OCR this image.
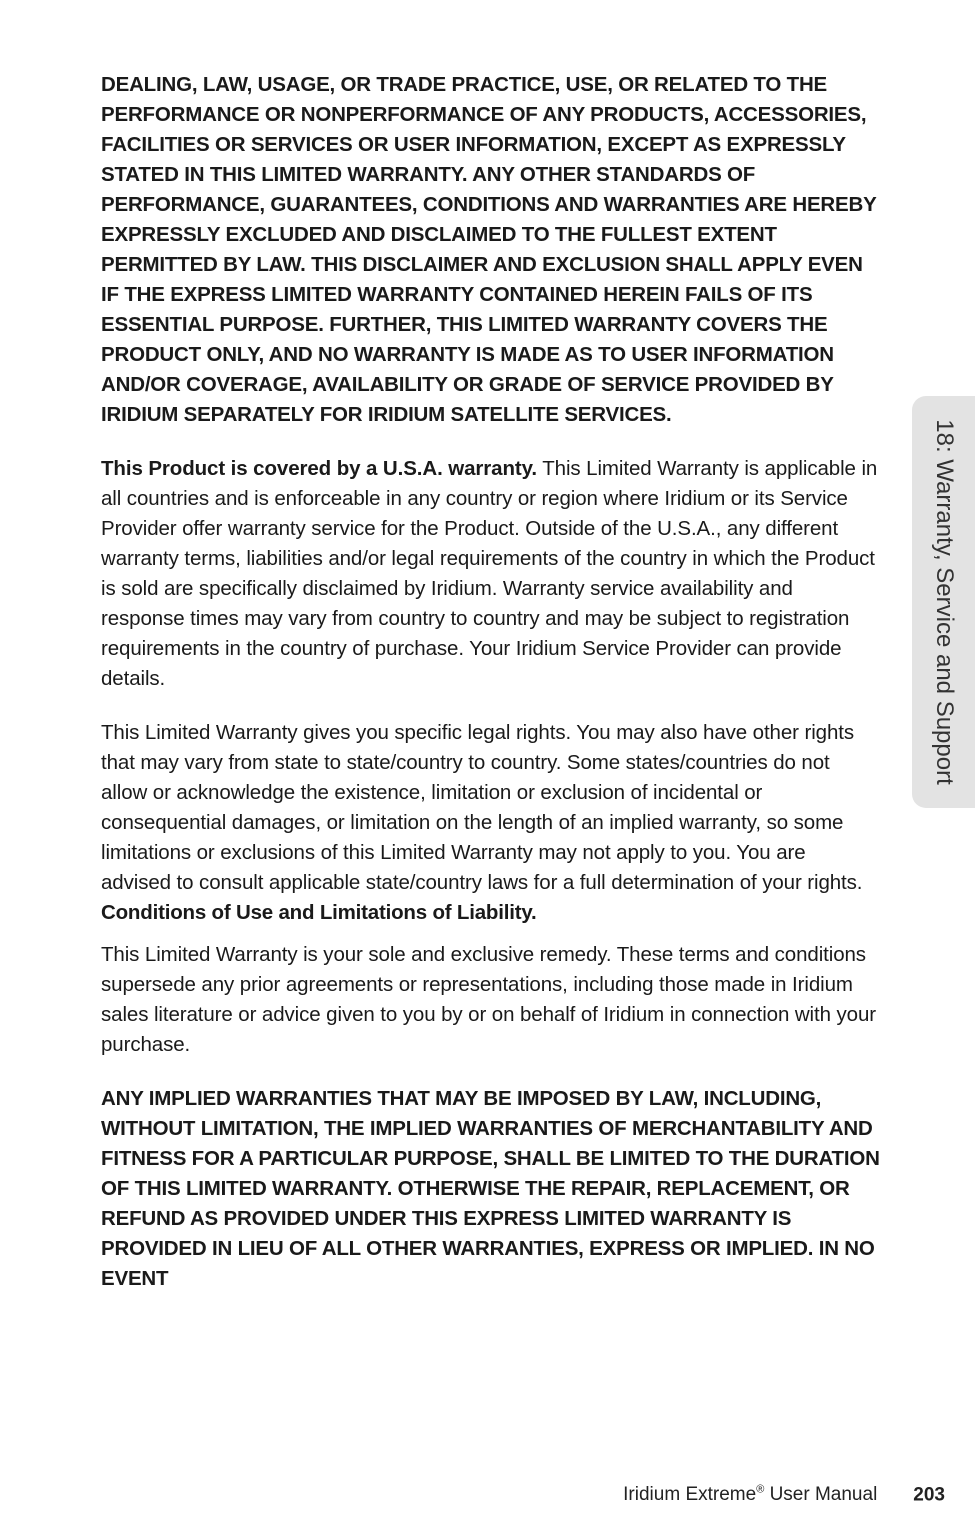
DEALING, LAW, USAGE, OR TRADE PRACTICE, USE, OR RELATED TO THE PERFORMANCE OR NONPERFORMANCE OF ANY PRODUCTS, ACCESSORIES, FACILITIES OR SERVICES OR USER INFORMATION, EXCEPT AS EXPRESSLY STATED IN THIS LIMITED WARRANTY. ANY OTHER STANDARDS OF PERFORMANCE, GUARANTEES, CONDITIONS AND WARRANTIES ARE HEREBY EXPRESSLY EXCLUDED AND DISCLAIMED TO THE FULLEST EXTENT PERMITTED BY LAW. THIS DISCLAIMER AND EXCLUSION SHALL APPLY EVEN IF THE EXPRESS LIMITED WARRANTY CONTAINED HEREIN FAILS OF ITS ESSENTIAL PURPOSE. FURTHER, THIS LIMITED WARRANTY COVERS THE PRODUCT ONLY, AND NO WARRANTY IS MADE AS TO USER INFORMATION AND/OR COVERAGE, AVAILABILITY OR GRADE OF SERVICE PROVIDED BY IRIDIUM SEPARATELY FOR IRIDIUM SATELLITE SERVICES.

This Product is covered by a U.S.A. warranty. This Limited Warranty is applicable in all countries and is enforceable in any country or region where Iridium or its Service Provider offer warranty service for the Product. Outside of the U.S.A., any different warranty terms, liabilities and/or legal requirements of the country in which the Product is sold are specifically disclaimed by Iridium. Warranty service availability and response times may vary from country to country and may be subject to registration requirements in the country of purchase. Your Iridium Service Provider can provide details.

This Limited Warranty gives you specific legal rights. You may also have other rights that may vary from state to state/country to country. Some states/countries do not allow or acknowledge the existence, limitation or exclusion of incidental or consequential damages, or limitation on the length of an implied warranty, so some limitations or exclusions of this Limited Warranty may not apply to you. You are advised to consult applicable state/country laws for a full determination of your rights.

Conditions of Use and Limitations of Liability.

This Limited Warranty is your sole and exclusive remedy. These terms and conditions supersede any prior agreements or representations, including those made in Iridium sales literature or advice given to you by or on behalf of Iridium in connection with your purchase.

ANY IMPLIED WARRANTIES THAT MAY BE IMPOSED BY LAW, INCLUDING, WITHOUT LIMITATION, THE IMPLIED WARRANTIES OF MERCHANTABILITY AND FITNESS FOR A PARTICULAR PURPOSE, SHALL BE LIMITED TO THE DURATION OF THIS LIMITED WARRANTY. OTHERWISE THE REPAIR, REPLACEMENT, OR REFUND AS PROVIDED UNDER THIS EXPRESS LIMITED WARRANTY IS PROVIDED IN LIEU OF ALL OTHER WARRANTIES, EXPRESS OR IMPLIED. IN NO EVENT

18: Warranty, Service and Support
Iridium Extreme® User Manual 203
